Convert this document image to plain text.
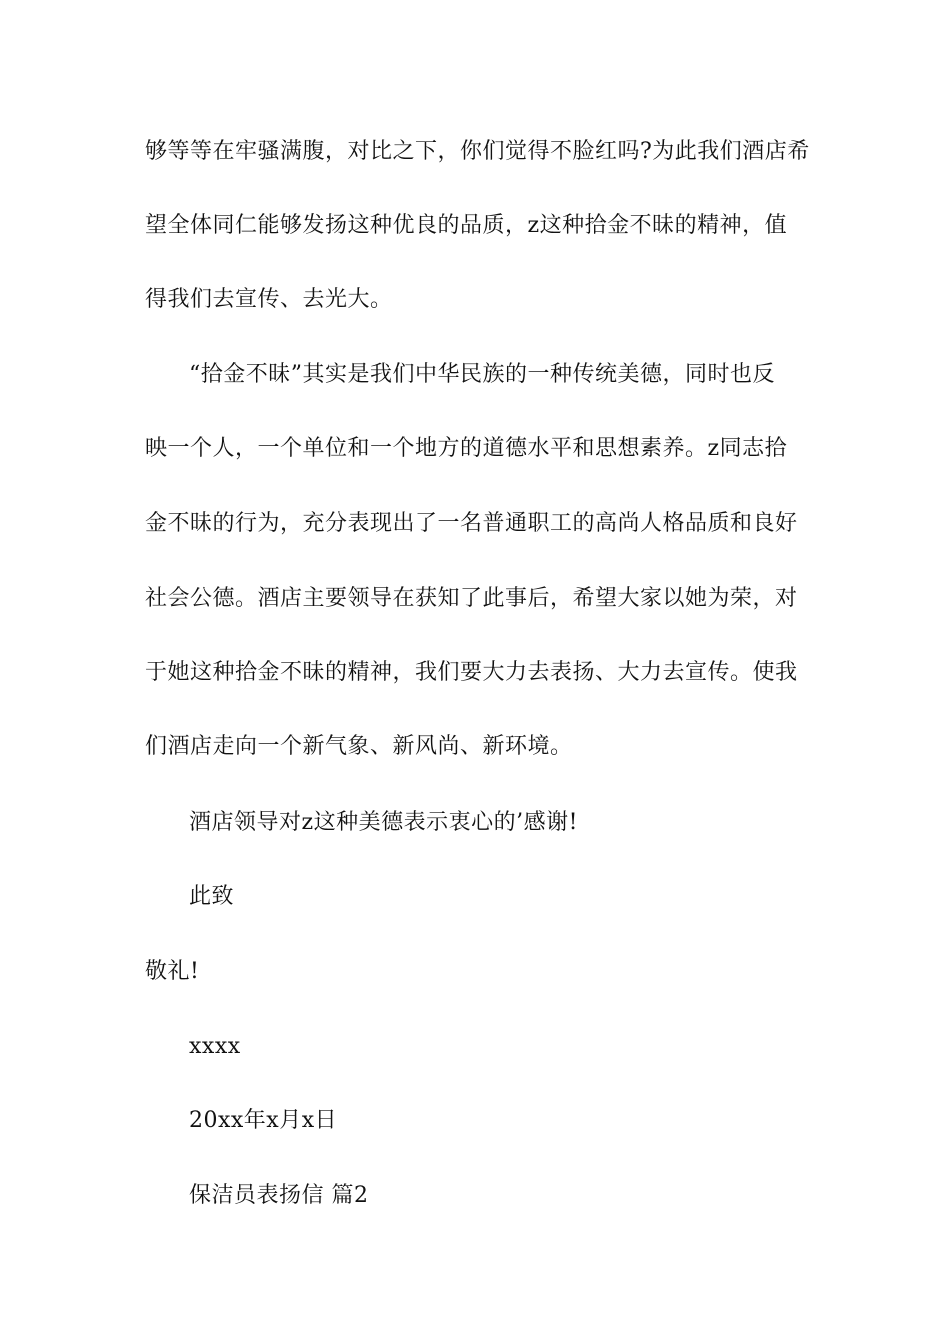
够等等在牢骚满腹，对比之下，你们觉得不脸红吗?为此我们酒店希
望全体同仁能够发扬这种优良的品质，z这种拾金不昧的精神，值
得我们去宣传、去光大。
“拾金不昧”其实是我们中华民族的一种传统美德，同时也反
映一个人，一个单位和一个地方的道德水平和思想素养。z同志拾
金不昧的行为，充分表现出了一名普通职工的高尚人格品质和良好
社会公德。酒店主要领导在获知了此事后，希望大家以她为荣，对
于她这种拾金不昧的精神，我们要大力去表扬、大力去宣传。使我
们酒店走向一个新气象、新风尚、新环境。
酒店领导对z这种美德表示衷心的’感谢!
此致
敬礼!
xxxx
20xx年x月x日
保洁员表扬信 篇2
